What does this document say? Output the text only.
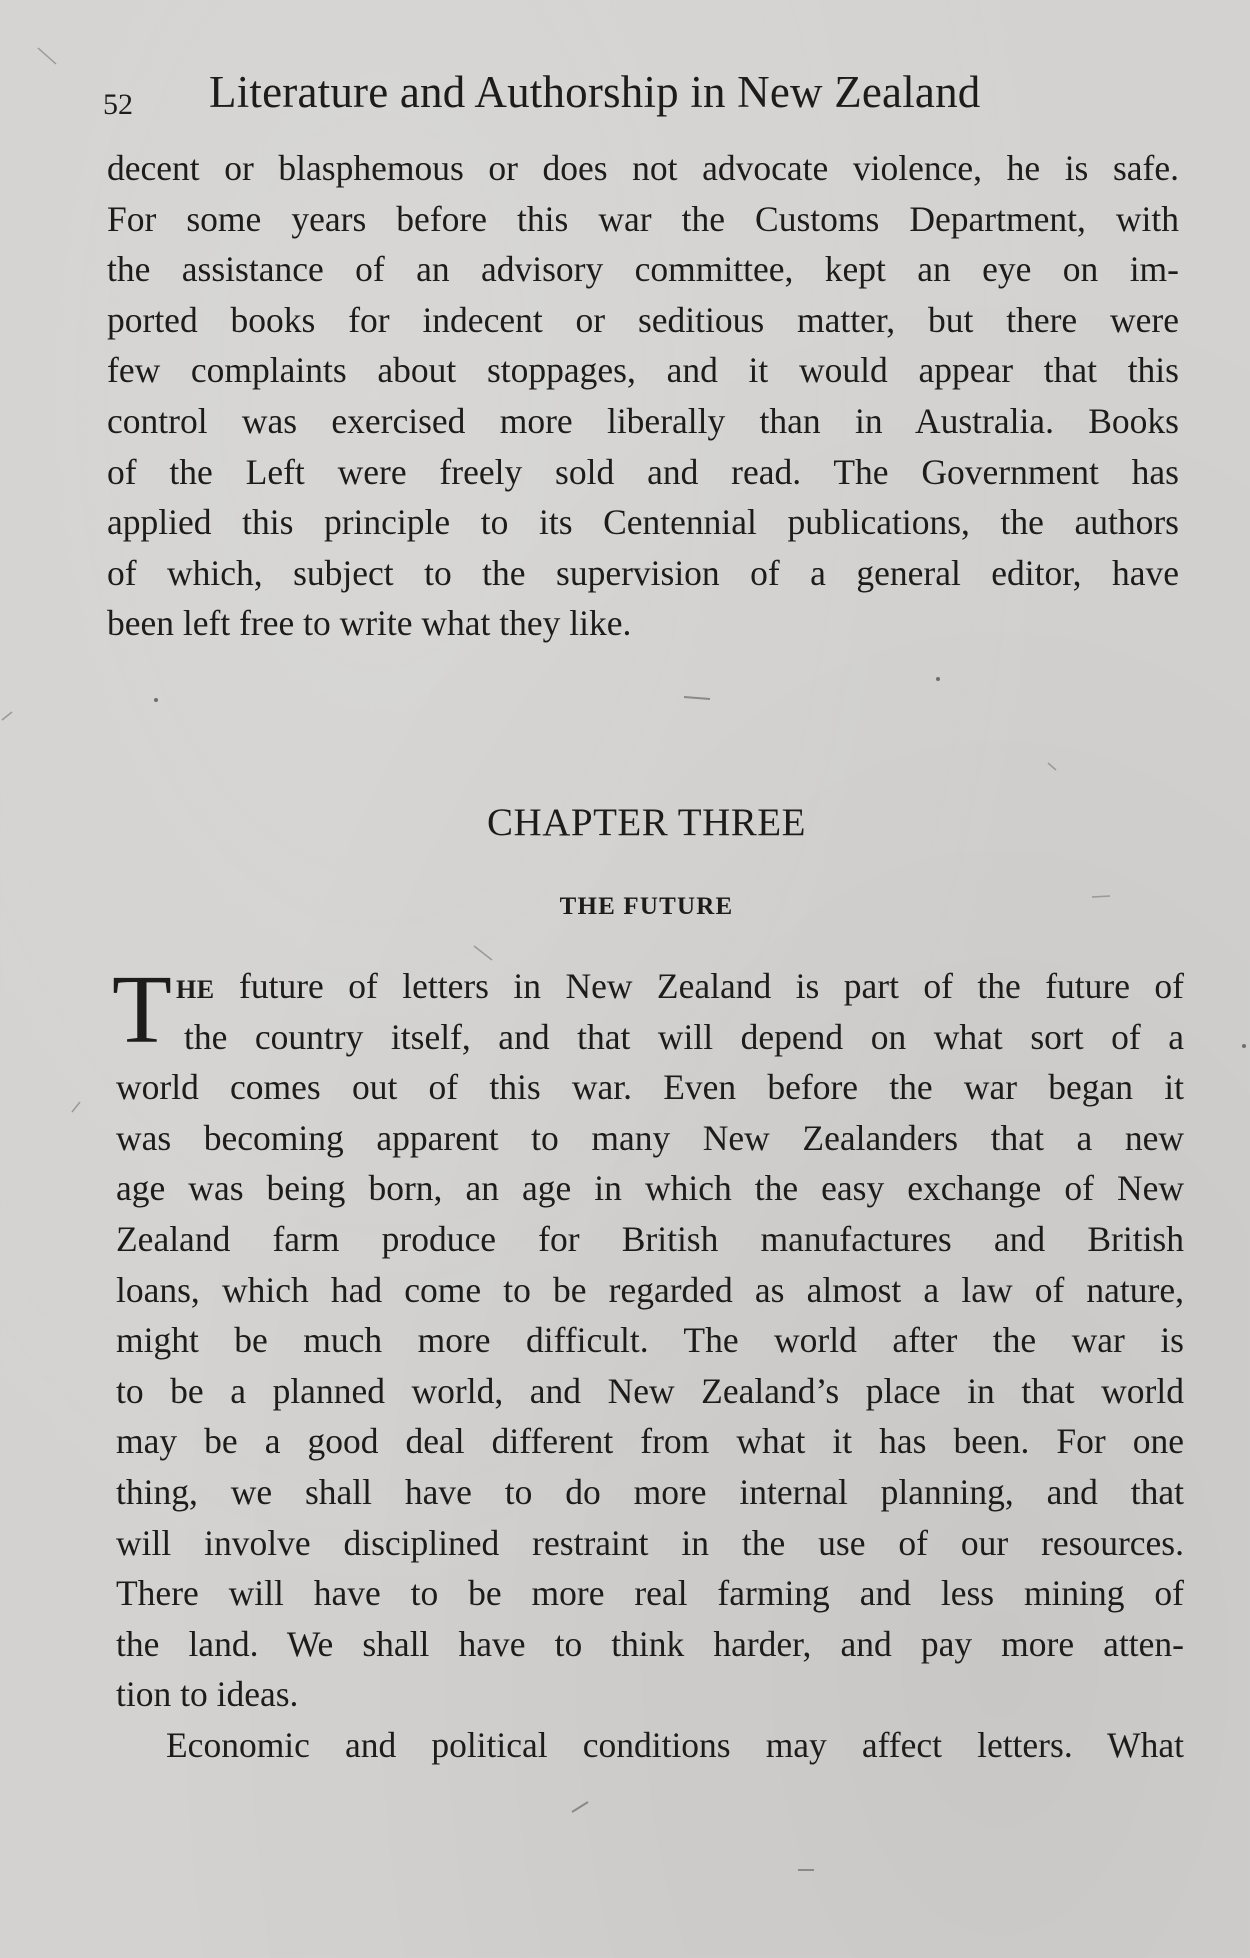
52 Literature and Authorship in New Zealand
decent or blasphemous or does not advocate violence, he is safe.
For some years before this war the Customs Department, with
the assistance of an advisory committee, kept an eye on im-
ported books for indecent or seditious matter, but there were
few complaints about stoppages, and it would appear that this
control was exercised more liberally than in Australia. Books
of the Left were freely sold and read. The Government has
applied this principle to its Centennial publications, the authors
of which, subject to the supervision of a general editor, have
been left free to write what they like.
CHAPTER THREE
THE FUTURE
T HE future of letters in New Zealand is part of the future of
the country itself, and that will depend on what sort of a
world comes out of this war. Even before the war began it
was becoming apparent to many New Zealanders that a new
age was being born, an age in which the easy exchange of New
Zealand farm produce for British manufactures and British
loans, which had come to be regarded as almost a law of nature,
might be much more difficult. The world after the war is
to be a planned world, and New Zealand’s place in that world
may be a good deal different from what it has been. For one
thing, we shall have to do more internal planning, and that
will involve disciplined restraint in the use of our resources.
There will have to be more real farming and less mining of
the land. We shall have to think harder, and pay more atten-
tion to ideas.
Economic and political conditions may affect letters. What
